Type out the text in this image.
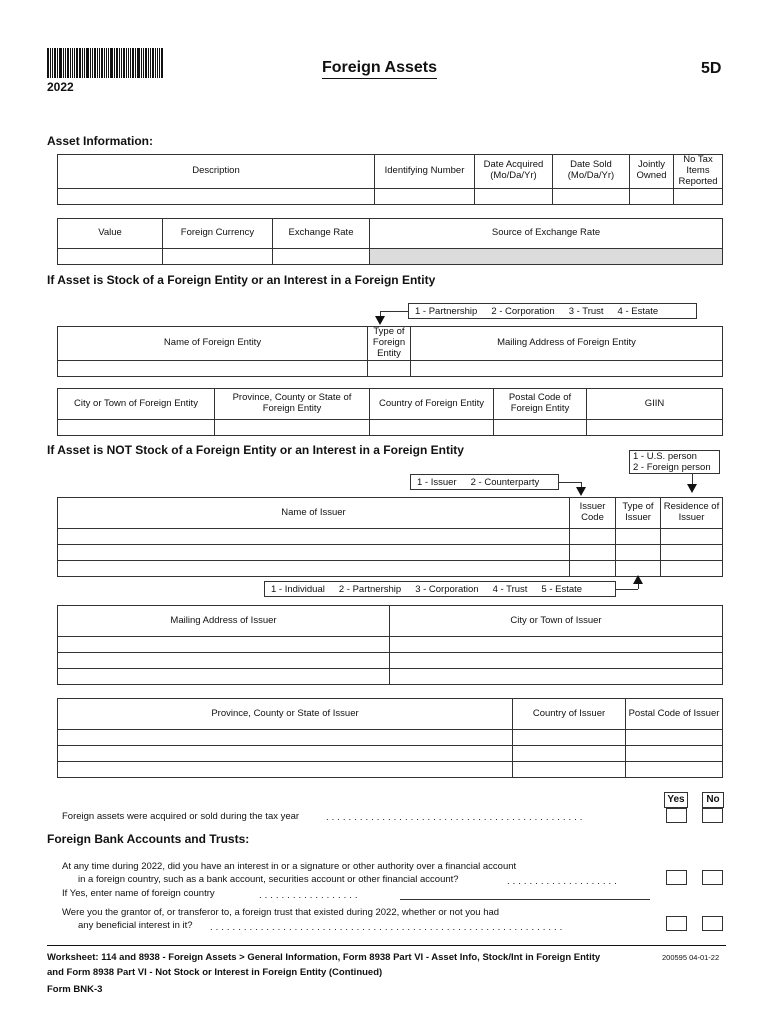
2022
Foreign Assets	5D
Asset Information:
Description	Identifying Number	Date Acquired (Mo/Da/Yr)	Date Sold (Mo/Da/Yr)	Jointly Owned	No Tax Items Reported

Value	Foreign Currency	Exchange Rate	Source of Exchange Rate

If Asset is Stock of a Foreign Entity or an Interest in a Foreign Entity
1 - Partnership 2 - Corporation 3 - Trust 4 - Estate
Name of Foreign Entity	Type of Foreign Entity	Mailing Address of Foreign Entity

City or Town of Foreign Entity	Province, County or State of Foreign Entity	Country of Foreign Entity	Postal Code of Foreign Entity	GIIN

If Asset is NOT Stock of a Foreign Entity or an Interest in a Foreign Entity	1 - U.S. person
2 - Foreign person
1 - Issuer 2 - Counterparty
Name of Issuer	Issuer Code	Type of Issuer	Residence of Issuer

1 - Individual 2 - Partnership 3 - Corporation 4 - Trust 5 - Estate
Mailing Address of Issuer	City or Town of Issuer

Province, County or State of Issuer	Country of Issuer	Postal Code of Issuer

Yes	No
Foreign assets were acquired or sold during the tax year	..............................................
Foreign Bank Accounts and Trusts:
At any time during 2022, did you have an interest in or a signature or other authority over a financial account
in a foreign country, such as a bank account, securities account or other financial account?	....................
If Yes, enter name of foreign country	..................
Were you the grantor of, or transferor to, a foreign trust that existed during 2022, whether or not you had
any beneficial interest in it? ...............................................................
Worksheet: 114 and 8938 - Foreign Assets > General Information, Form 8938 Part VI - Asset Info, Stock/Int in Foreign Entity	200595 04-01-22
and Form 8938 Part VI - Not Stock or Interest in Foreign Entity (Continued)
Form BNK-3
